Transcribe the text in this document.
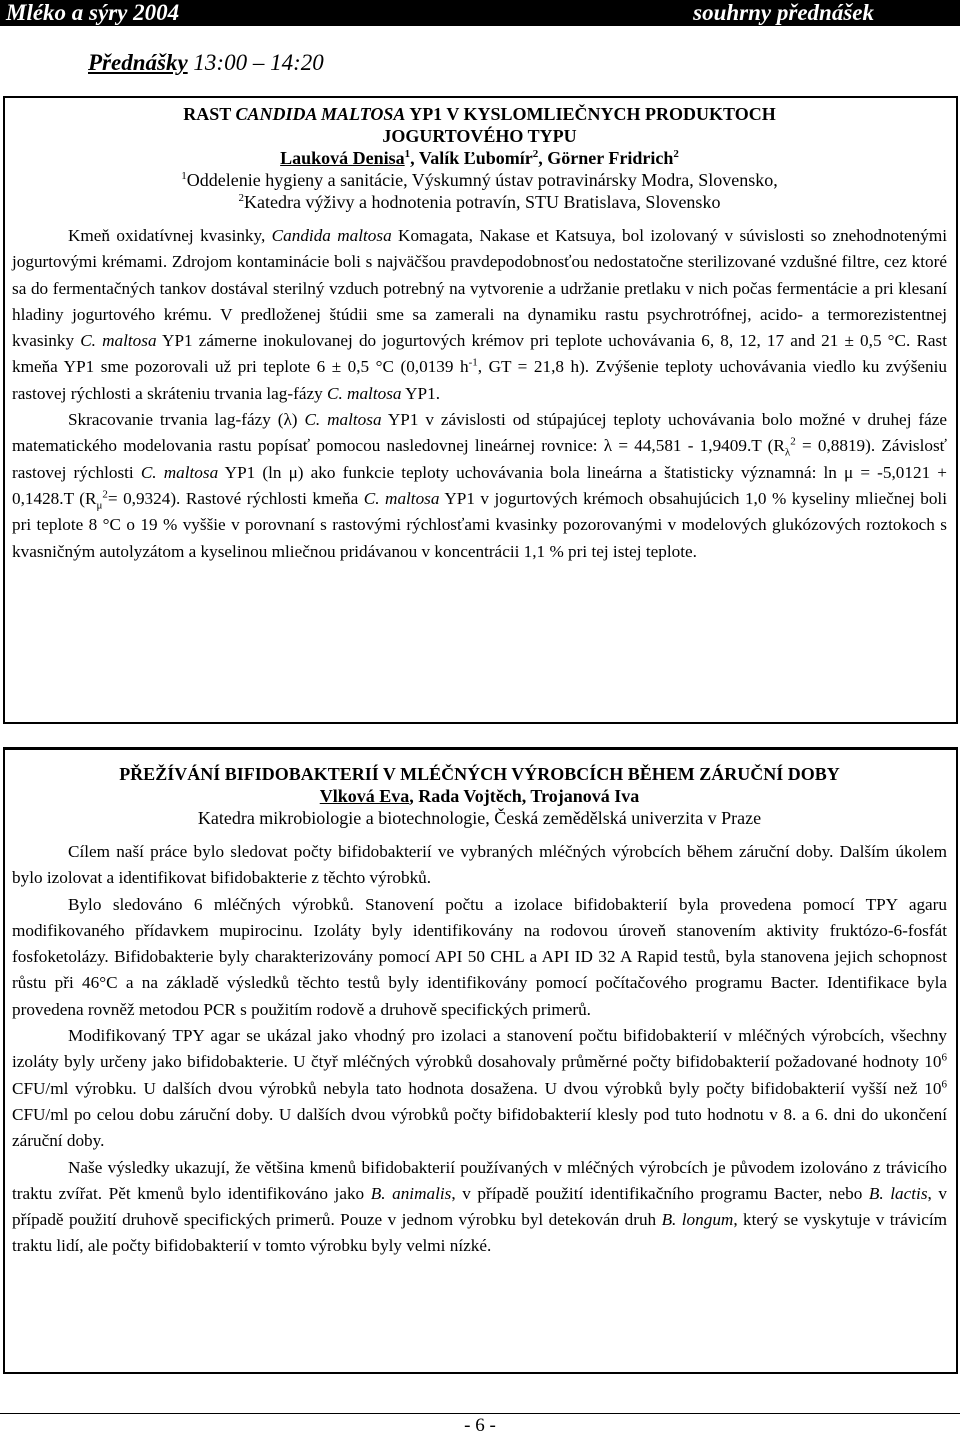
Mléko a sýry 2004	souhrny přednášek
Přednášky 13:00 – 14:20
RAST CANDIDA MALTOSA YP1 V KYSLOMLIEČNYCH PRODUKTOCH
JOGURTOVÉHO TYPU
Lauková Denisa$^1$, Valík Ľubomír$^2$, Görner Fridrich$^2$
$^1$Oddelenie hygieny a sanitácie, Výskumný ústav potravinársky Modra, Slovensko,
$^2$Katedra výživy a hodnotenia potravín, STU Bratislava, Slovensko

Kmeň oxidatívnej kvasinky, Candida maltosa Komagata, Nakase et Katsuya, bol izolovaný v súvislosti so znehodnotenými jogurtovými krémami. Zdrojom kontaminácie boli s najväčšou pravdepodobnosťou nedostatočne sterilizované vzdušné filtre, cez ktoré sa do fermentačných tankov dostával sterilný vzduch potrebný na vytvorenie a udržanie pretlaku v nich počas fermentácie a pri klesaní hladiny jogurtového krému. V predloženej štúdii sme sa zamerali na dynamiku rastu psychrotrófnej, acido- a termorezistentnej kvasinky C. maltosa YP1 zámerne inokulovanej do jogurtových krémov pri teplote uchovávania 6, 8, 12, 17 and 21 ± 0,5 °C. Rast kmeňa YP1 sme pozorovali už pri teplote 6 ± 0,5 °C (0,0139 $h^{-1}$, GT = 21,8 h). Zvýšenie teploty uchovávania viedlo ku zvýšeniu rastovej rýchlosti a skráteniu trvania lag-fázy C. maltosa YP1.

Skracovanie trvania lag-fázy (λ) C. maltosa YP1 v závislosti od stúpajúcej teploty uchovávania bolo možné v druhej fáze matematického modelovania rastu popísať pomocou nasledovnej lineárnej rovnice: λ = 44,581 - 1,9409.T $(R_\lambda^2 = 0,8819)$. Závislosť rastovej rýchlosti C. maltosa YP1 (ln μ) ako funkcie teploty uchovávania bola lineárna a štatisticky významná: ln μ = -5,0121 + 0,1428.T $(R_\mu^2= 0,9324)$. Rastové rýchlosti kmeňa C. maltosa YP1 v jogurtových krémoch obsahujúcich 1,0 % kyseliny mliečnej boli pri teplote 8 °C o 19 % vyššie v porovnaní s rastovými rýchlosťami kvasinky pozorovanými v modelových glukózových roztokoch s kvasničným autolyzátom a kyselinou mliečnou pridávanou v koncentrácii 1,1 % pri tej istej teplote.

PŘEŽÍVÁNÍ BIFIDOBAKTERIÍ V MLÉČNÝCH VÝROBCÍCH BĚHEM ZÁRUČNÍ DOBY
Vlková Eva, Rada Vojtěch, Trojanová Iva
Katedra mikrobiologie a biotechnologie, Česká zemědělská univerzita v Praze

Cílem naší práce bylo sledovat počty bifidobakterií ve vybraných mléčných výrobcích během záruční doby. Dalším úkolem bylo izolovat a identifikovat bifidobakterie z těchto výrobků.

Bylo sledováno 6 mléčných výrobků. Stanovení počtu a izolace bifidobakterií byla provedena pomocí TPY agaru modifikovaného přídavkem mupirocinu. Izoláty byly identifikovány na rodovou úroveň stanovením aktivity fruktózo-6-fosfát fosfoketolázy. Bifidobakterie byly charakterizovány pomocí API 50 CHL a API ID 32 A Rapid testů, byla stanovena jejich schopnost růstu při 46°C a na základě výsledků těchto testů byly identifikovány pomocí počítačového programu Bacter. Identifikace byla provedena rovněž metodou PCR s použitím rodově a druhově specifických primerů.

Modifikovaný TPY agar se ukázal jako vhodný pro izolaci a stanovení počtu bifidobakterií v mléčných výrobcích, všechny izoláty byly určeny jako bifidobakterie. U čtyř mléčných výrobků dosahovaly průměrné počty bifidobakterií požadované hodnoty $10^6$ CFU/ml výrobku. U dalších dvou výrobků nebyla tato hodnota dosažena. U dvou výrobků byly počty bifidobakterií vyšší než $10^6$ CFU/ml po celou dobu záruční doby. U dalších dvou výrobků počty bifidobakterií klesly pod tuto hodnotu v 8. a 6. dni do ukončení záruční doby.

Naše výsledky ukazují, že většina kmenů bifidobakterií používaných v mléčných výrobcích je původem izolováno z trávicího traktu zvířat. Pět kmenů bylo identifikováno jako B. animalis, v případě použití identifikačního programu Bacter, nebo B. lactis, v případě použití druhově specifických primerů. Pouze v jednom výrobku byl detekován druh B. longum, který se vyskytuje v trávicím traktu lidí, ale počty bifidobakterií v tomto výrobku byly velmi nízké.

- 6 -
